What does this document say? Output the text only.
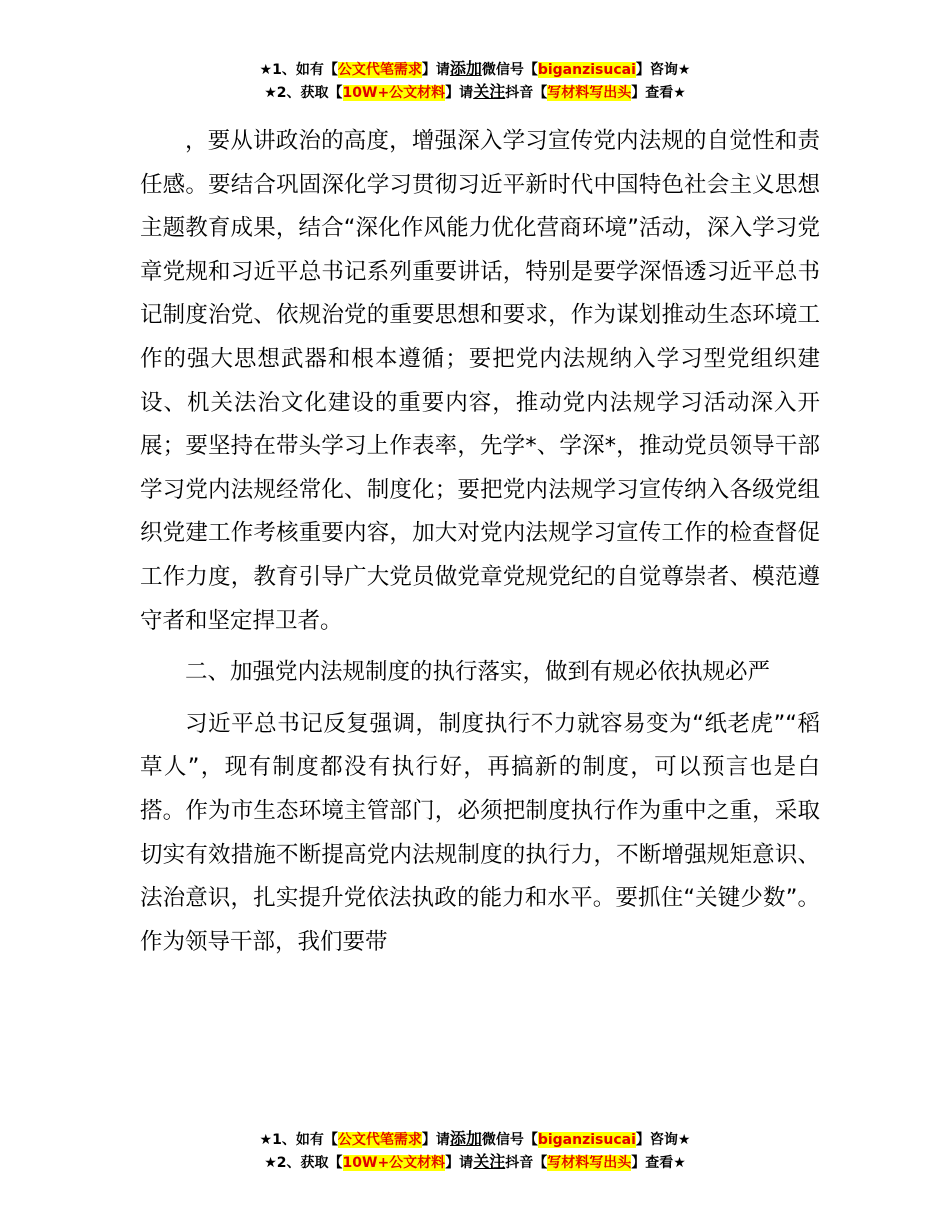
★1、如有【公文代笔需求】请添加微信号【biganzisucai】咨询★
★2、获取【10W+公文材料】请关注抖音【写材料写出头】查看★

，要从讲政治的高度，增强深入学习宣传党内法规的自觉性和责任感。要结合巩固深化学习贯彻习近平新时代中国特色社会主义思想主题教育成果，结合“深化作风能力优化营商环境”活动，深入学习党章党规和习近平总书记系列重要讲话，特别是要学深悟透习近平总书记制度治党、依规治党的重要思想和要求，作为谋划推动生态环境工作的强大思想武器和根本遵循；要把党内法规纳入学习型党组织建设、机关法治文化建设的重要内容，推动党内法规学习活动深入开展；要坚持在带头学习上作表率，先学*、学深*，推动党员领导干部学习党内法规经常化、制度化；要把党内法规学习宣传纳入各级党组织党建工作考核重要内容，加大对党内法规学习宣传工作的检查督促工作力度，教育引导广大党员做党章党规党纪的自觉尊崇者、模范遵守者和坚定捍卫者。

二、加强党内法规制度的执行落实，做到有规必依执规必严

习近平总书记反复强调，制度执行不力就容易变为“纸老虎”“稻草人”，现有制度都没有执行好，再搞新的制度，可以预言也是白搭。作为市生态环境主管部门，必须把制度执行作为重中之重，采取切实有效措施不断提高党内法规制度的执行力，不断增强规矩意识、法治意识，扎实提升党依法执政的能力和水平。要抓住“关键少数”。作为领导干部，我们要带

★1、如有【公文代笔需求】请添加微信号【biganzisucai】咨询★
★2、获取【10W+公文材料】请关注抖音【写材料写出头】查看★
